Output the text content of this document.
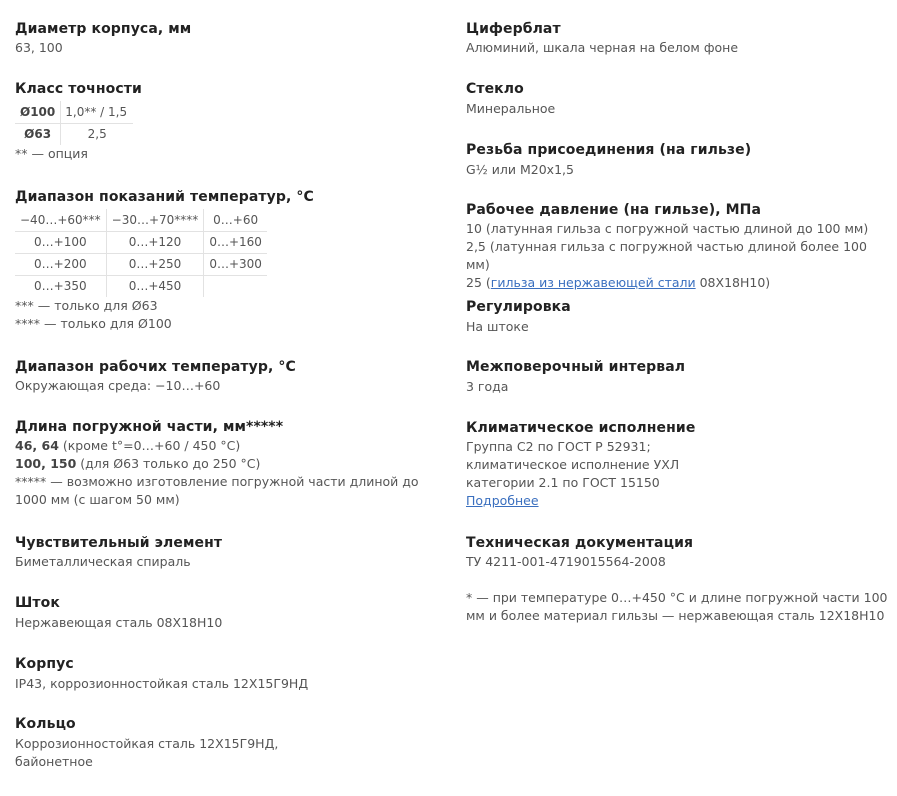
Диаметр корпуса, мм
63, 100
Класс точности
Ø100	1,0** / 1,5
Ø63	2,5
** — опция
Диапазон показаний температур, °С
−40…+60***	−30…+70****	0…+60
0…+100	0…+120	0…+160
0…+200	0…+250	0…+300
0…+350	0…+450	
*** — только для Ø63
**** — только для Ø100
Диапазон рабочих температур, °С
Окружающая среда: −10…+60
Длина погружной части, мм*****
46, 64 (кроме t°=0…+60 / 450 °С)
100, 150 (для Ø63 только до 250 °С)
***** — возможно изготовление погружной части длиной до 1000 мм (с шагом 50 мм)
Чувствительный элемент
Биметаллическая спираль
Шток
Нержавеющая сталь 08Х18Н10
Корпус
IP43, коррозионностойкая сталь 12Х15Г9НД
Кольцо
Коррозионностойкая сталь 12Х15Г9НД,
байонетное
Циферблат
Алюминий, шкала черная на белом фоне
Стекло
Минеральное
Резьба присоединения (на гильзе)
G½ или М20х1,5
Рабочее давление (на гильзе), МПа
10 (латунная гильза с погружной частью длиной до 100 мм)
2,5 (латунная гильза с погружной частью длиной более 100 мм)
25 (гильза из нержавеющей стали 08Х18Н10)
Регулировка
На штоке
Межповерочный интервал
3 года
Климатическое исполнение
Группа С2 по ГОСТ Р 52931;
климатическое исполнение УХЛ
категории 2.1 по ГОСТ 15150
Подробнее
Техническая документация
ТУ 4211-001-4719015564-2008
* — при температуре 0…+450 °С и длине погружной части 100
мм и более материал гильзы — нержавеющая сталь 12Х18Н10
